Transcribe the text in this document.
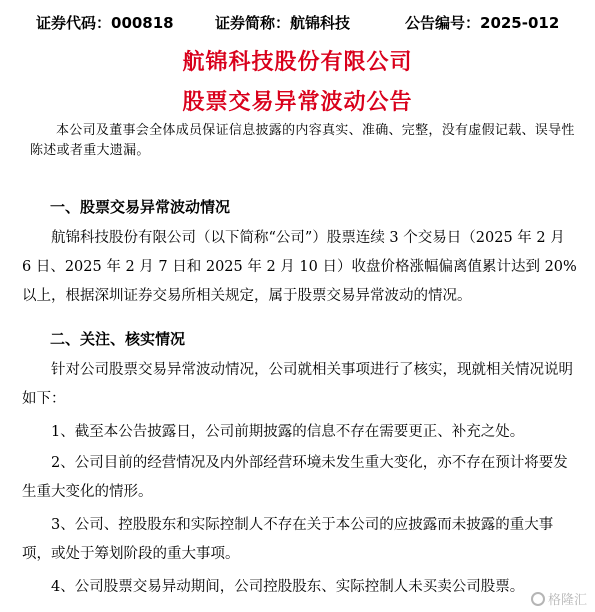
证券代码：000818	证券简称：航锦科技	公告编号：2025-012
航锦科技股份有限公司
股票交易异常波动公告
本公司及董事会全体成员保证信息披露的内容真实、准确、完整，没有虚假记载、误导性陈述或者重大遗漏。
一、股票交易异常波动情况
航锦科技股份有限公司（以下简称“公司”）股票连续 3 个交易日（2025 年 2 月 6 日、2025 年 2 月 7 日和 2025 年 2 月 10 日）收盘价格涨幅偏离值累计达到 20%以上，根据深圳证券交易所相关规定，属于股票交易异常波动的情况。
二、关注、核实情况
针对公司股票交易异常波动情况，公司就相关事项进行了核实，现就相关情况说明如下：
1、截至本公告披露日，公司前期披露的信息不存在需要更正、补充之处。
2、公司目前的经营情况及内外部经营环境未发生重大变化，亦不存在预计将要发生重大变化的情形。
3、公司、控股股东和实际控制人不存在关于本公司的应披露而未披露的重大事项，或处于筹划阶段的重大事项。
4、公司股票交易异动期间，公司控股股东、实际控制人未买卖公司股票。
格隆汇
